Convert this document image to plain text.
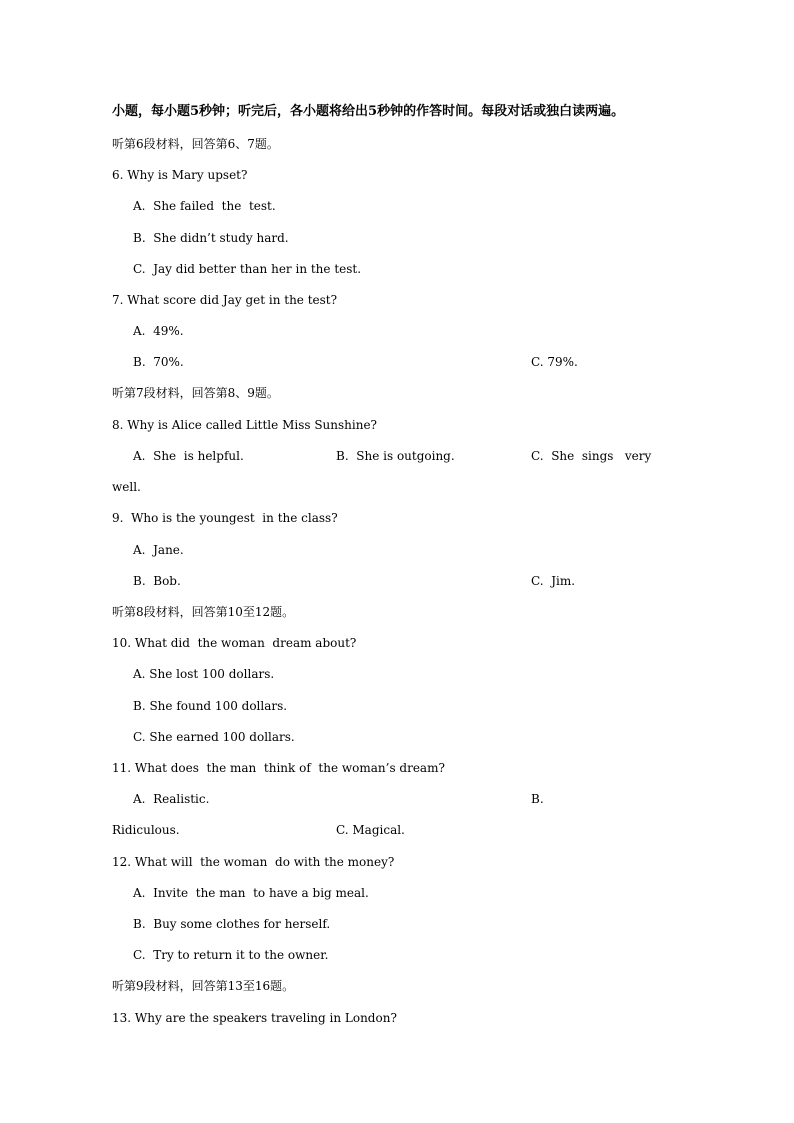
小题，每小题5秒钟；听完后，各小题将给出5秒钟的作答时间。每段对话或独白读两遍。
听第6段材料，回答第6、7题。
6. Why is Mary upset?
A.  She failed  the  test.
B.  She didn’t study hard.
C.  Jay did better than her in the test.
7. What score did Jay get in the test?
A.  49%.
B.  70%.	C. 79%.
听第7段材料，回答第8、9题。
8. Why is Alice called Little Miss Sunshine?
A.  She  is helpful.	B.  She is outgoing.	C.  She  sings   very
well.
9.  Who is the youngest  in the class?
A.  Jane.
B.  Bob.	C.  Jim.
听第8段材料，回答第10至12题。
10. What did  the woman  dream about?
A. She lost 100 dollars.
B. She found 100 dollars.
C. She earned 100 dollars.
11. What does  the man  think of  the woman’s dream?
A.  Realistic.	B.
Ridiculous.	C. Magical.
12. What will  the woman  do with the money?
A.  Invite  the man  to have a big meal.
B.  Buy some clothes for herself.
C.  Try to return it to the owner.
听第9段材料，回答第13至16题。
13. Why are the speakers traveling in London?
